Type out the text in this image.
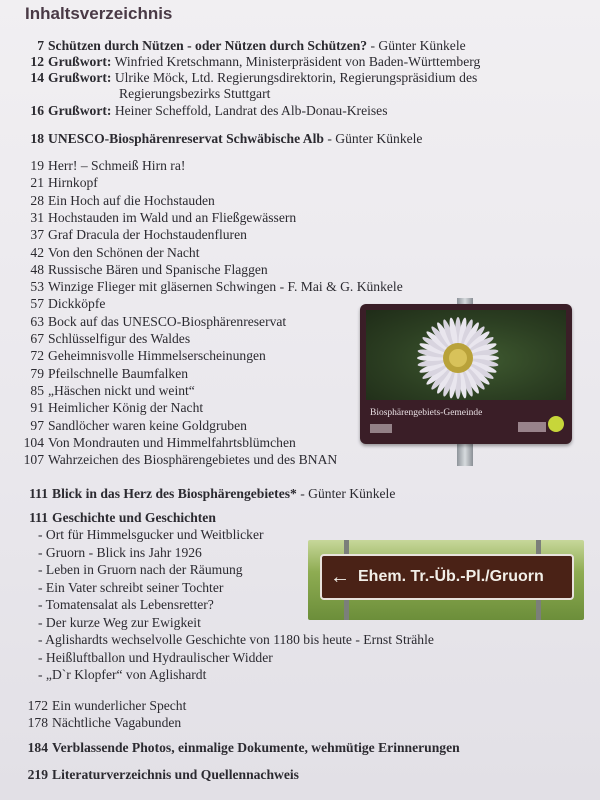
Inhaltsverzeichnis
7 Schützen durch Nützen - oder Nützen durch Schützen? - Günter Künkele
12 Grußwort: Winfried Kretschmann, Ministerpräsident von Baden-Württemberg
14 Grußwort: Ulrike Möck, Ltd. Regierungsdirektorin, Regierungspräsidium des
Regierungsbezirks Stuttgart
16 Grußwort: Heiner Scheffold, Landrat des Alb-Donau-Kreises
18 UNESCO-Biosphärenreservat Schwäbische Alb - Günter Künkele
19 Herr! – Schmeiß Hirn ra!
21 Hirnkopf
28 Ein Hoch auf die Hochstauden
31 Hochstauden im Wald und an Fließgewässern
37 Graf Dracula der Hochstaudenfluren
42 Von den Schönen der Nacht
48 Russische Bären und Spanische Flaggen
53 Winzige Flieger mit gläsernen Schwingen - F. Mai & G. Künkele
57 Dickköpfe
63 Bock auf das UNESCO-Biosphärenreservat
67 Schlüsselfigur des Waldes
72 Geheimnisvolle Himmelserscheinungen
79 Pfeilschnelle Baumfalken
85 „Häschen nickt und weint“
91 Heimlicher König der Nacht
97 Sandlöcher waren keine Goldgruben
104 Von Mondrauten und Himmelfahrtsblümchen
107 Wahrzeichen des Biosphärengebietes und des BNAN
111 Blick in das Herz des Biosphärengebietes* - Günter Künkele
111 Geschichte und Geschichten
- Ort für Himmelsgucker und Weitblicker
- Gruorn - Blick ins Jahr 1926
- Leben in Gruorn nach der Räumung
- Ein Vater schreibt seiner Tochter
- Tomatensalat als Lebensretter?
- Der kurze Weg zur Ewigkeit
- Aglishardts wechselvolle Geschichte von 1180 bis heute - Ernst Strähle
- Heißluftballon und Hydraulischer Widder
- „D`r Klopfer“ von Aglishardt
172 Ein wunderlicher Specht
178 Nächtliche Vagabunden
184 Verblassende Photos, einmalige Dokumente, wehmütige Erinnerungen
219 Literaturverzeichnis und Quellennachweis
Biosphärengebiets-Gemeinde
← Ehem. Tr.-Üb.-Pl./Gruorn
